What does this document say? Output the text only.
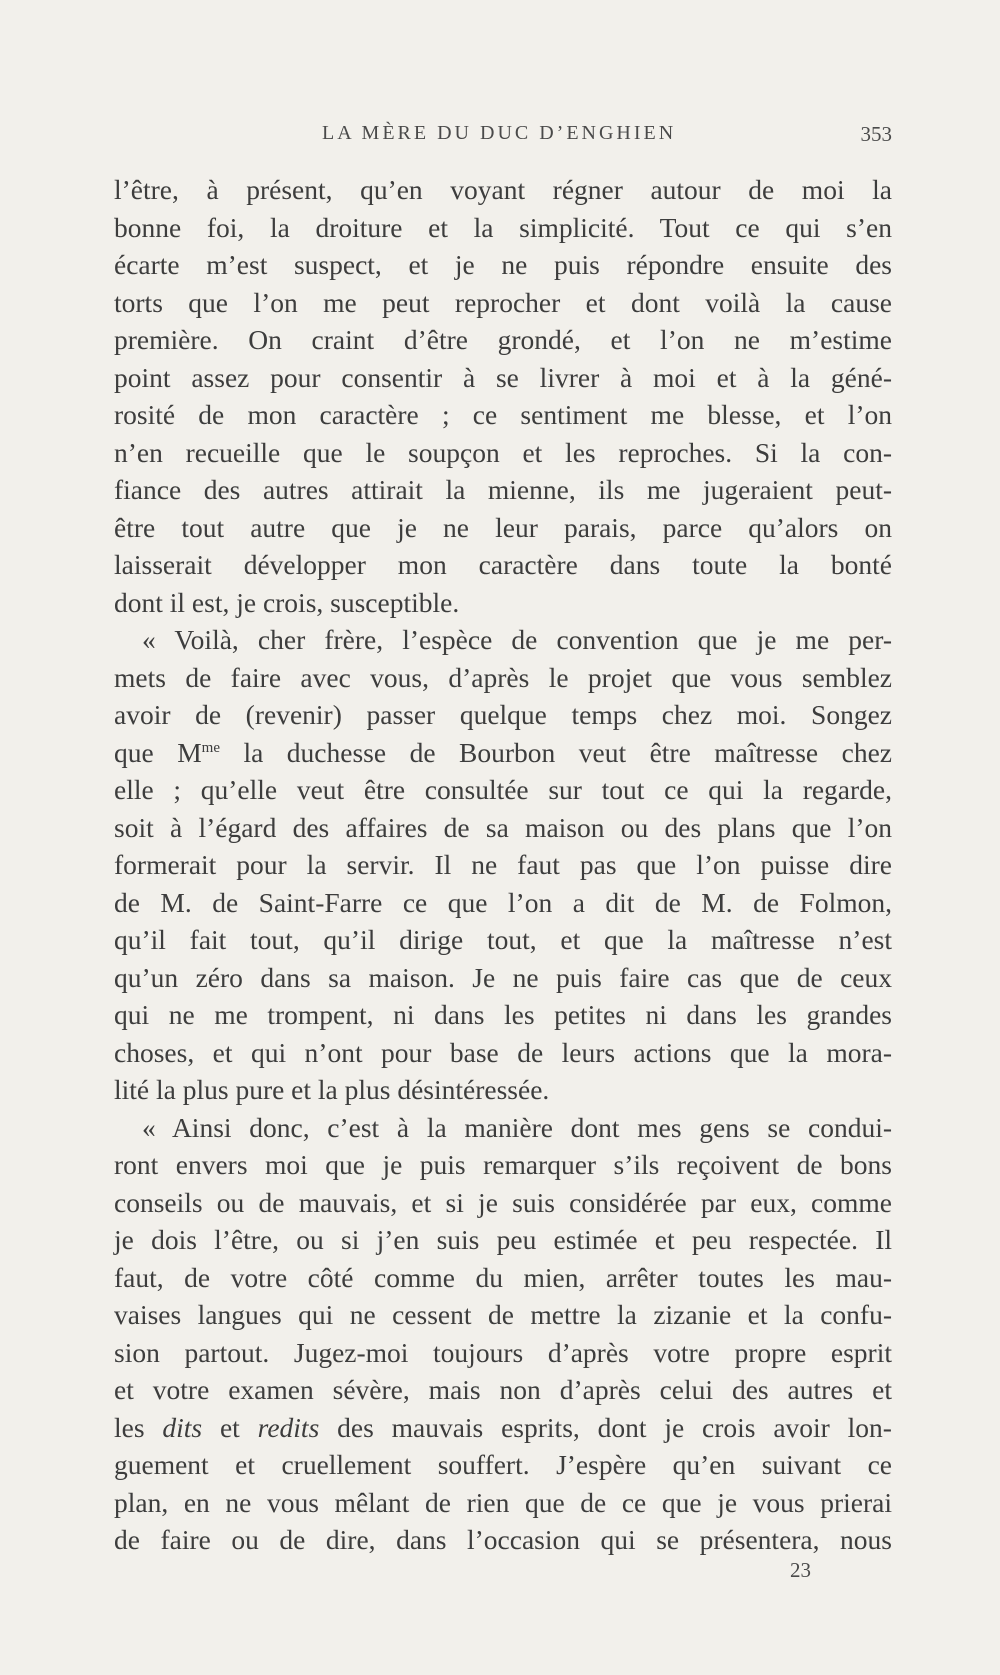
LA MÈRE DU DUC D’ENGHIEN	353
l’être, à présent, qu’en voyant régner autour de moi la
bonne foi, la droiture et la simplicité. Tout ce qui s’en
écarte m’est suspect, et je ne puis répondre ensuite des
torts que l’on me peut reprocher et dont voilà la cause
première. On craint d’être grondé, et l’on ne m’estime
point assez pour consentir à se livrer à moi et à la géné-
rosité de mon caractère ; ce sentiment me blesse, et l’on
n’en recueille que le soupçon et les reproches. Si la con-
fiance des autres attirait la mienne, ils me jugeraient peut-
être tout autre que je ne leur parais, parce qu’alors on
laisserait développer mon caractère dans toute la bonté
dont il est, je crois, susceptible.
« Voilà, cher frère, l’espèce de convention que je me per-
mets de faire avec vous, d’après le projet que vous semblez
avoir de (revenir) passer quelque temps chez moi. Songez
que $M^{me}$ la duchesse de Bourbon veut être maîtresse chez
elle ; qu’elle veut être consultée sur tout ce qui la regarde,
soit à l’égard des affaires de sa maison ou des plans que l’on
formerait pour la servir. Il ne faut pas que l’on puisse dire
de M. de Saint-Farre ce que l’on a dit de M. de Folmon,
qu’il fait tout, qu’il dirige tout, et que la maîtresse n’est
qu’un zéro dans sa maison. Je ne puis faire cas que de ceux
qui ne me trompent, ni dans les petites ni dans les grandes
choses, et qui n’ont pour base de leurs actions que la mora-
lité la plus pure et la plus désintéressée.
« Ainsi donc, c’est à la manière dont mes gens se condui-
ront envers moi que je puis remarquer s’ils reçoivent de bons
conseils ou de mauvais, et si je suis considérée par eux, comme
je dois l’être, ou si j’en suis peu estimée et peu respectée. Il
faut, de votre côté comme du mien, arrêter toutes les mau-
vaises langues qui ne cessent de mettre la zizanie et la confu-
sion partout. Jugez-moi toujours d’après votre propre esprit
et votre examen sévère, mais non d’après celui des autres et
les dits et redits des mauvais esprits, dont je crois avoir lon-
guement et cruellement souffert. J’espère qu’en suivant ce
plan, en ne vous mêlant de rien que de ce que je vous prierai
de faire ou de dire, dans l’occasion qui se présentera, nous
23
